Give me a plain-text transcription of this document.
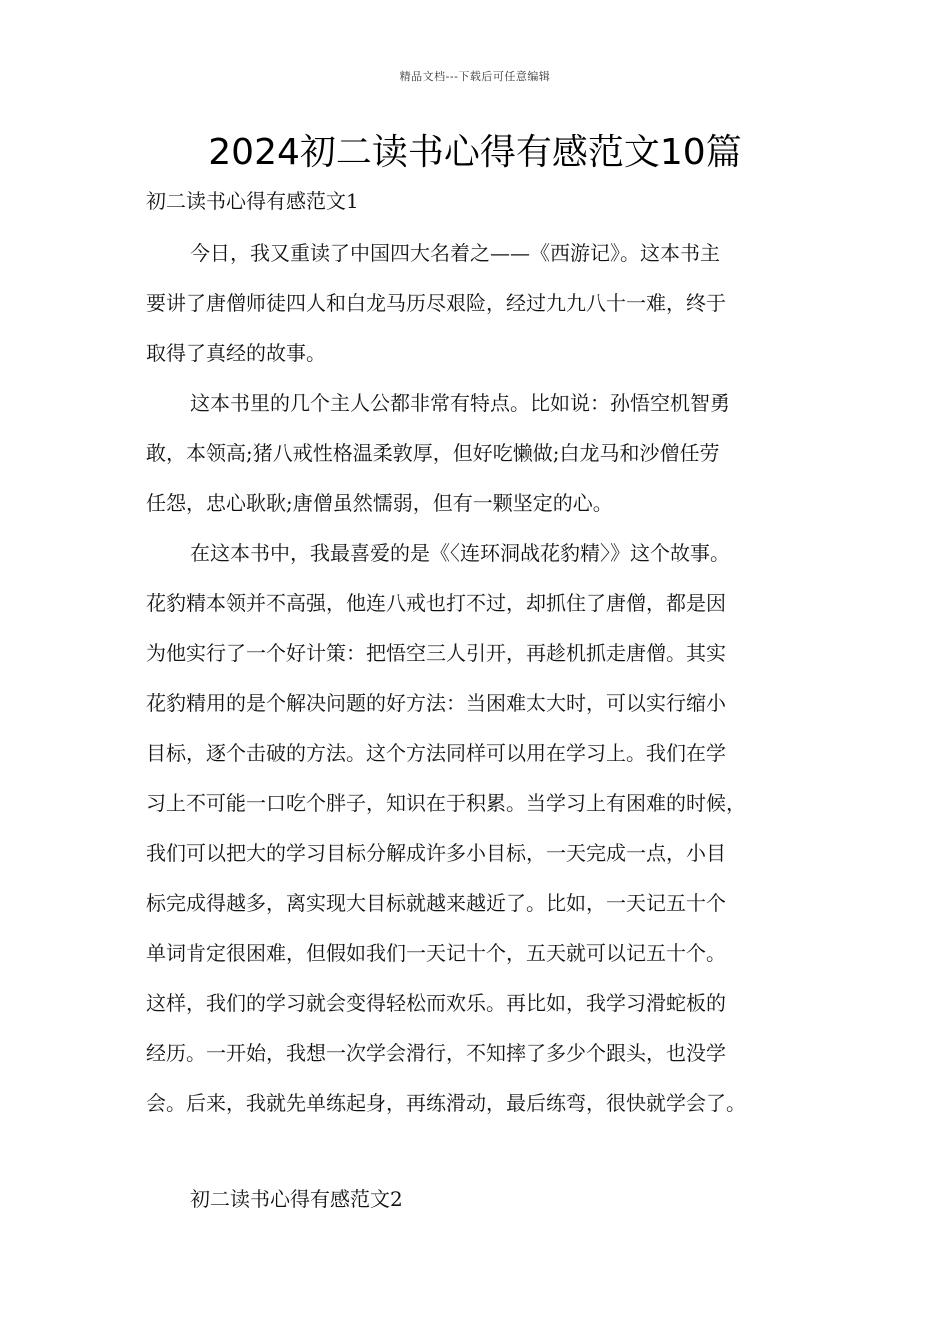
精品文档---下载后可任意编辑
2024初二读书心得有感范文10篇
初二读书心得有感范文1

今日，我又重读了中国四大名着之——《西游记》。这本书主
要讲了唐僧师徒四人和白龙马历尽艰险，经过九九八十一难，终于
取得了真经的故事。

这本书里的几个主人公都非常有特点。比如说：孙悟空机智勇
敢，本领高;猪八戒性格温柔敦厚，但好吃懒做;白龙马和沙僧任劳
任怨，忠心耿耿;唐僧虽然懦弱，但有一颗坚定的心。

在这本书中，我最喜爱的是《〈连环洞战花豹精〉》这个故事。
花豹精本领并不高强，他连八戒也打不过，却抓住了唐僧，都是因
为他实行了一个好计策：把悟空三人引开，再趁机抓走唐僧。其实
花豹精用的是个解决问题的好方法：当困难太大时，可以实行缩小
目标，逐个击破的方法。这个方法同样可以用在学习上。我们在学
习上不可能一口吃个胖子，知识在于积累。当学习上有困难的时候，
我们可以把大的学习目标分解成许多小目标，一天完成一点，小目
标完成得越多，离实现大目标就越来越近了。比如，一天记五十个
单词肯定很困难，但假如我们一天记十个，五天就可以记五十个。
这样，我们的学习就会变得轻松而欢乐。再比如，我学习滑蛇板的
经历。一开始，我想一次学会滑行，不知摔了多少个跟头，也没学
会。后来，我就先单练起身，再练滑动，最后练弯，很快就学会了。

初二读书心得有感范文2
